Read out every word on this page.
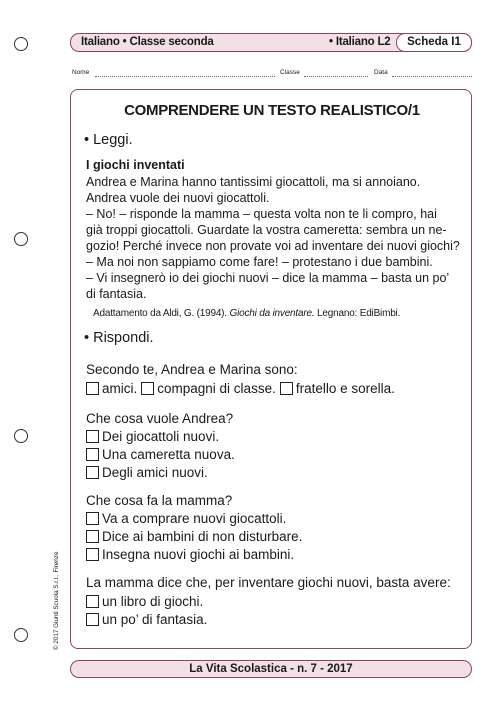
Italiano • Classe seconda	• Italiano L2	Scheda I1
Nome	Classe	Data
COMPRENDERE UN TESTO REALISTICO/1
• Leggi.
I giochi inventati
Andrea e Marina hanno tantissimi giocattoli, ma si annoiano.
Andrea vuole dei nuovi giocattoli.
– No! – risponde la mamma – questa volta non te li compro, hai
già troppi giocattoli. Guardate la vostra cameretta: sembra un ne-
gozio! Perché invece non provate voi ad inventare dei nuovi giochi?
– Ma noi non sappiamo come fare! – protestano i due bambini.
– Vi insegnerò io dei giochi nuovi – dice la mamma – basta un po’
di fantasia.
Adattamento da Aldi, G. (1994). Giochi da inventare. Legnano: EdiBimbi.
• Rispondi.
Secondo te, Andrea e Marina sono:
amici. compagni di classe. fratello e sorella.
Che cosa vuole Andrea?
Dei giocattoli nuovi.
Una cameretta nuova.
Degli amici nuovi.
Che cosa fa la mamma?
Va a comprare nuovi giocattoli.
Dice ai bambini di non disturbare.
Insegna nuovi giochi ai bambini.
La mamma dice che, per inventare giochi nuovi, basta avere:
un libro di giochi.
un po’ di fantasia.
© 2017 Giunti Scuola S.r.l., Firenze
La Vita Scolastica - n. 7 - 2017
